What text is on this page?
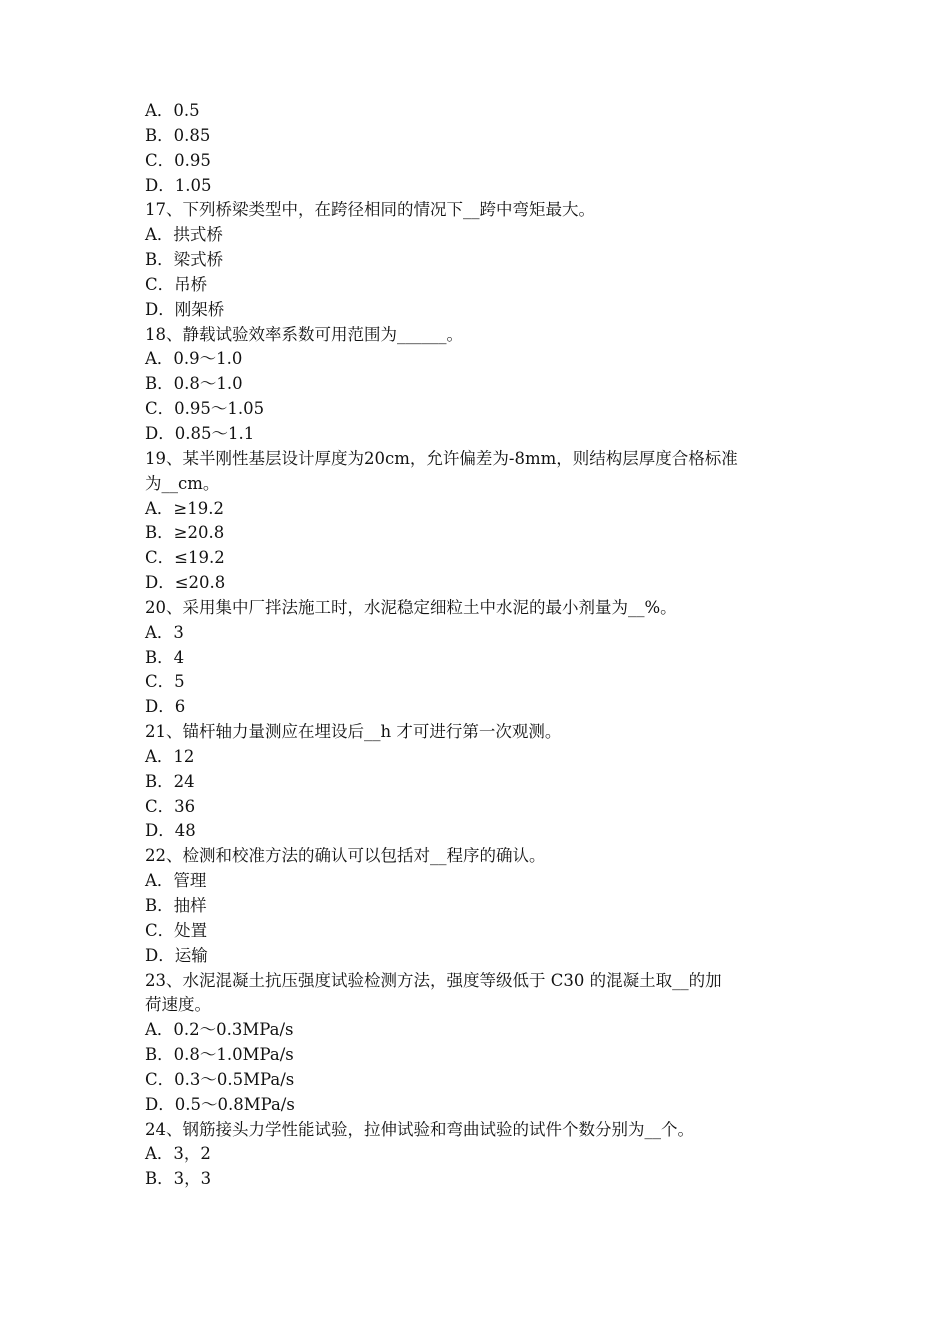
A．0.5
B．0.85
C．0.95
D．1.05
17、下列桥梁类型中，在跨径相同的情况下__跨中弯矩最大。
A．拱式桥
B．梁式桥
C．吊桥
D．刚架桥
18、静载试验效率系数可用范围为______。
A．0.9～1.0
B．0.8～1.0
C．0.95～1.05
D．0.85～1.1
19、某半刚性基层设计厚度为20cm，允许偏差为-8mm，则结构层厚度合格标准
为__cm。
A．≥19.2
B．≥20.8
C．≤19.2
D．≤20.8
20、采用集中厂拌法施工时，水泥稳定细粒土中水泥的最小剂量为__%。
A．3
B．4
C．5
D．6
21、锚杆轴力量测应在埋设后__h 才可进行第一次观测。
A．12
B．24
C．36
D．48
22、检测和校准方法的确认可以包括对__程序的确认。
A．管理
B．抽样
C．处置
D．运输
23、水泥混凝土抗压强度试验检测方法，强度等级低于 C30 的混凝土取__的加
荷速度。
A．0.2～0.3MPa/s
B．0.8～1.0MPa/s
C．0.3～0.5MPa/s
D．0.5～0.8MPa/s
24、钢筋接头力学性能试验，拉伸试验和弯曲试验的试件个数分别为__个。
A．3，2
B．3，3
